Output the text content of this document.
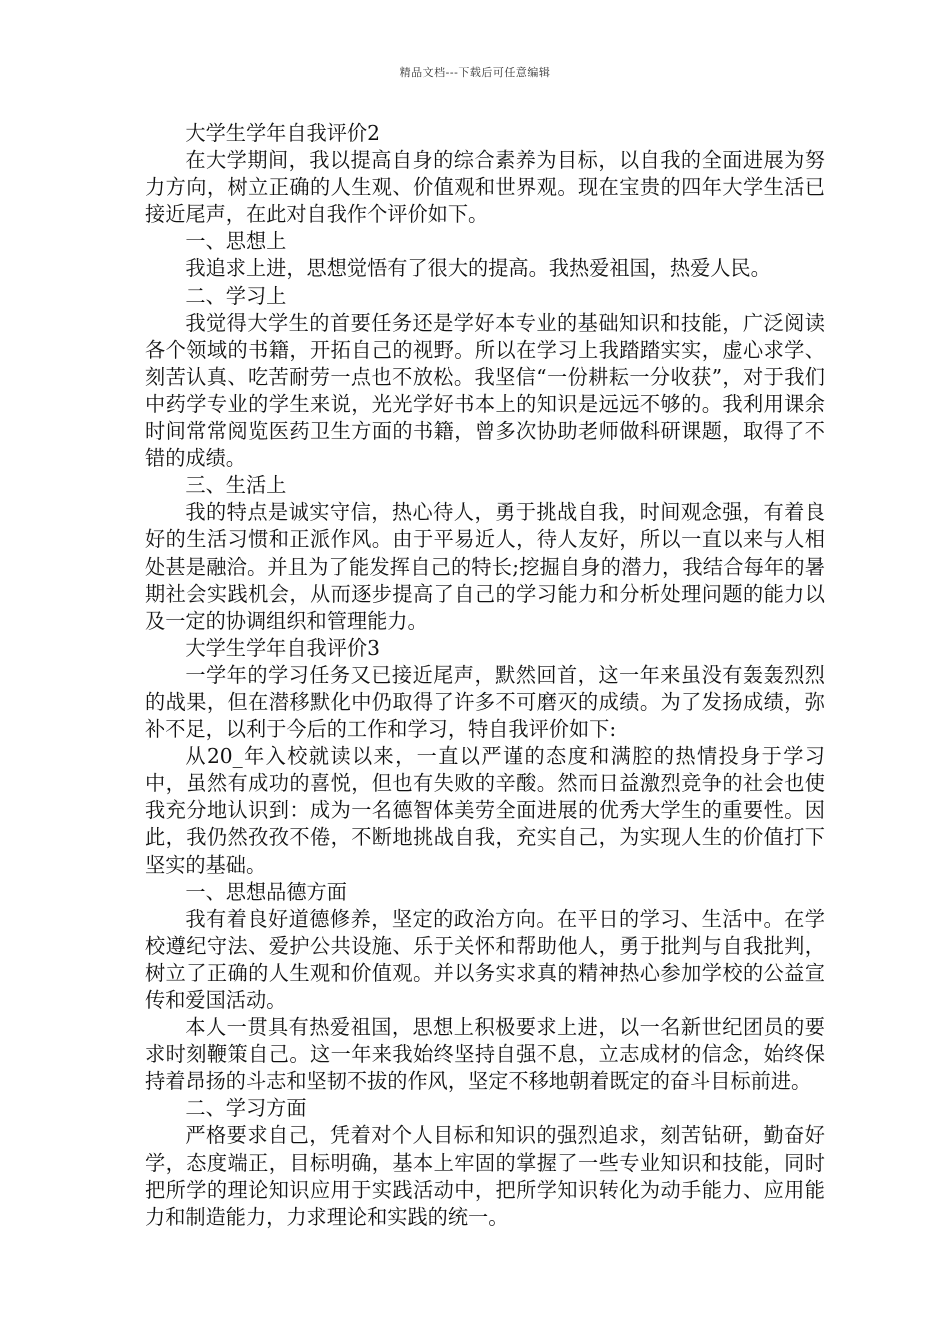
精品文档---下载后可任意编辑

大学生学年自我评价2

在大学期间，我以提高自身的综合素养为目标，以自我的全面进展为努力方向，树立正确的人生观、价值观和世界观。现在宝贵的四年大学生活已接近尾声，在此对自我作个评价如下。

一、思想上

我追求上进，思想觉悟有了很大的提高。我热爱祖国，热爱人民。

二、学习上

我觉得大学生的首要任务还是学好本专业的基础知识和技能，广泛阅读各个领域的书籍，开拓自己的视野。所以在学习上我踏踏实实，虚心求学、刻苦认真、吃苦耐劳一点也不放松。我坚信“一份耕耘一分收获”，对于我们中药学专业的学生来说，光光学好书本上的知识是远远不够的。我利用课余时间常常阅览医药卫生方面的书籍，曾多次协助老师做科研课题，取得了不错的成绩。

三、生活上

我的特点是诚实守信，热心待人，勇于挑战自我，时间观念强，有着良好的生活习惯和正派作风。由于平易近人，待人友好，所以一直以来与人相处甚是融洽。并且为了能发挥自己的特长;挖掘自身的潜力，我结合每年的暑期社会实践机会，从而逐步提高了自己的学习能力和分析处理问题的能力以及一定的协调组织和管理能力。

大学生学年自我评价3

一学年的学习任务又已接近尾声，默然回首，这一年来虽没有轰轰烈烈的战果，但在潜移默化中仍取得了许多不可磨灭的成绩。为了发扬成绩，弥补不足，以利于今后的工作和学习，特自我评价如下:

从20_年入校就读以来，一直以严谨的态度和满腔的热情投身于学习中，虽然有成功的喜悦，但也有失败的辛酸。然而日益激烈竞争的社会也使我充分地认识到：成为一名德智体美劳全面进展的优秀大学生的重要性。因此，我仍然孜孜不倦，不断地挑战自我，充实自己，为实现人生的价值打下坚实的基础。

一、思想品德方面

我有着良好道德修养，坚定的政治方向。在平日的学习、生活中。在学校遵纪守法、爱护公共设施、乐于关怀和帮助他人，勇于批判与自我批判，树立了正确的人生观和价值观。并以务实求真的精神热心参加学校的公益宣传和爱国活动。

本人一贯具有热爱祖国，思想上积极要求上进，以一名新世纪团员的要求时刻鞭策自己。这一年来我始终坚持自强不息，立志成材的信念，始终保持着昂扬的斗志和坚韧不拔的作风，坚定不移地朝着既定的奋斗目标前进。

二、学习方面

严格要求自己，凭着对个人目标和知识的强烈追求，刻苦钻研，勤奋好学，态度端正，目标明确，基本上牢固的掌握了一些专业知识和技能，同时把所学的理论知识应用于实践活动中，把所学知识转化为动手能力、应用能力和制造能力，力求理论和实践的统一。
